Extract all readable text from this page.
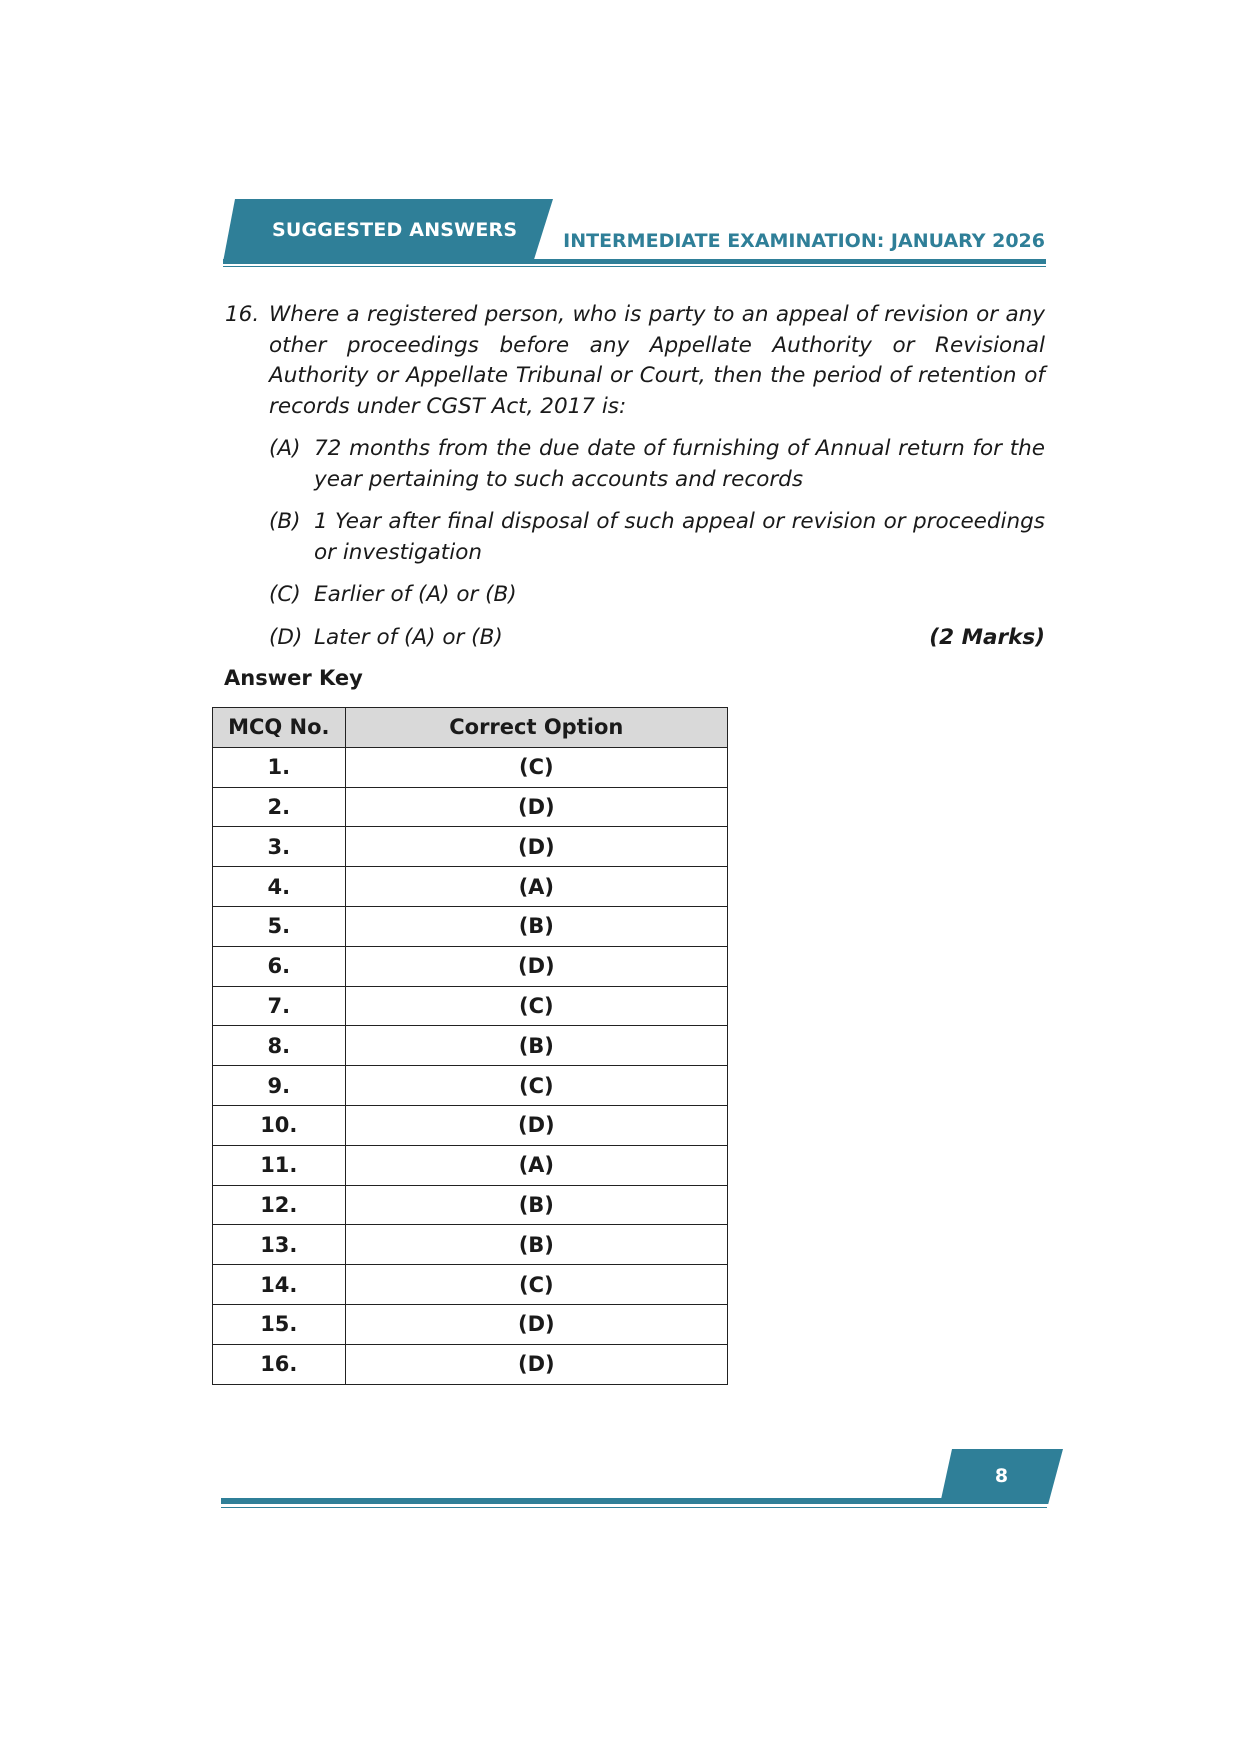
SUGGESTED ANSWERS INTERMEDIATE EXAMINATION: JANUARY 2026
16. Where a registered person, who is party to an appeal of revision or any other proceedings before any Appellate Authority or Revisional Authority or Appellate Tribunal or Court, then the period of retention of records under CGST Act, 2017 is:
(A) 72 months from the due date of furnishing of Annual return for the year pertaining to such accounts and records
(B) 1 Year after final disposal of such appeal or revision or proceedings or investigation
(C) Earlier of (A) or (B)
(D) Later of (A) or (B)	(2 Marks)
Answer Key
MCQ No.	Correct Option
1.	(C)
2.	(D)
3.	(D)
4.	(A)
5.	(B)
6.	(D)
7.	(C)
8.	(B)
9.	(C)
10.	(D)
11.	(A)
12.	(B)
13.	(B)
14.	(C)
15.	(D)
16.	(D)
8
